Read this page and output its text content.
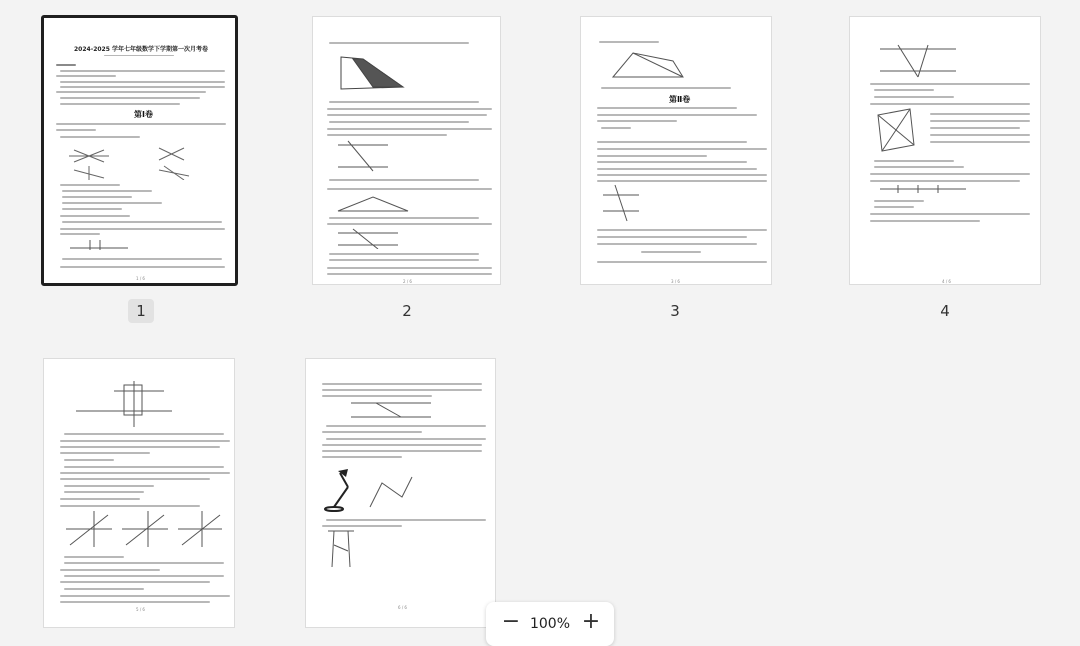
2024-2025 学年七年级数学下学期第一次月考卷
第Ⅰ卷
1 / 6
1
2 / 6
2
第Ⅱ卷
3 / 6
3
4 / 6
4
5 / 6	6 / 6
− 100% +
